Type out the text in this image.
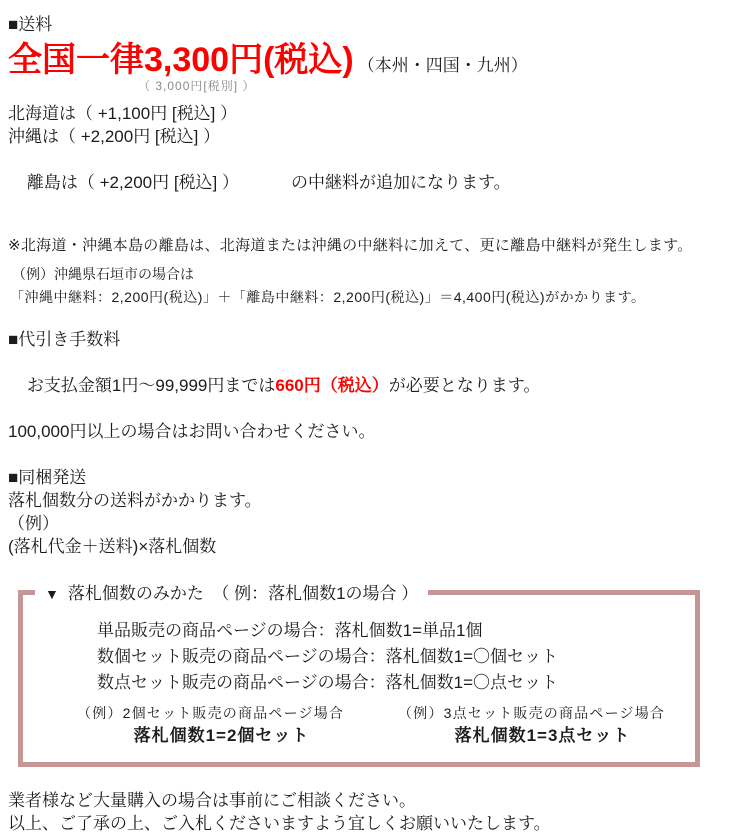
■送料
全国一律3,300円(税込) （本州・四国・九州）
（ 3,000円[税別] ）
北海道は（ +1,100円 [税込] ）
沖縄は（ +2,200円 [税込] ）

離島は（ +2,200円 [税込] ）	の中継料が追加になります。

※北海道・沖縄本島の離島は、北海道または沖縄の中継料に加えて、更に離島中継料が発生します。
（例）沖縄県石垣市の場合は
「沖縄中継料：2,200円(税込)」＋「離島中継料：2,200円(税込)」＝4,400円(税込)がかかります。
■代引き手数料

お支払金額1円～99,999円までは660円（税込）が必要となります。

100,000円以上の場合はお問い合わせください。
■同梱発送
落札個数分の送料がかかります。
（例）
(落札代金＋送料)×落札個数
▼ 落札個数のみかた　（ 例：落札個数1の場合 ）
単品販売の商品ページの場合：落札個数1=単品1個
数個セット販売の商品ページの場合：落札個数1=〇個セット
数点セット販売の商品ページの場合：落札個数1=〇点セット
（例）2個セット販売の商品ページ場合
落札個数1=2個セット
（例）3点セット販売の商品ページ場合
落札個数1=3点セット
業者様など大量購入の場合は事前にご相談ください。
以上、ご了承の上、ご入札くださいますよう宜しくお願いいたします。
